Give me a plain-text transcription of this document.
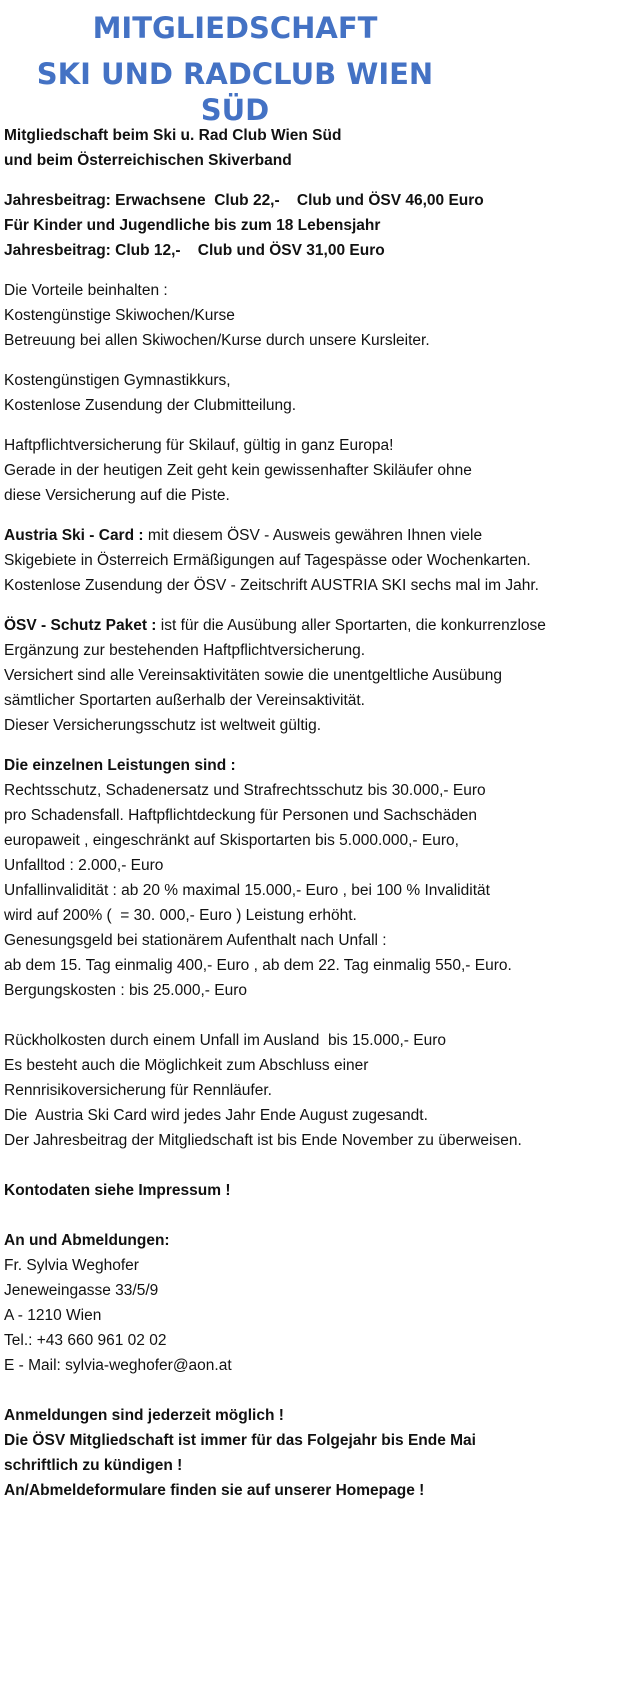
MITGLIEDSCHAFT
SKI UND RADCLUB WIEN SÜD

Mitgliedschaft beim Ski u. Rad Club Wien Süd
und beim Österreichischen Skiverband

Jahresbeitrag: Erwachsene  Club 22,-    Club und ÖSV 46,00 Euro
Für Kinder und Jugendliche bis zum 18 Lebensjahr
Jahresbeitrag: Club 12,-    Club und ÖSV 31,00 Euro

Die Vorteile beinhalten :
Kostengünstige Skiwochen/Kurse
Betreuung bei allen Skiwochen/Kurse durch unsere Kursleiter.

Kostengünstigen Gymnastikkurs,
Kostenlose Zusendung der Clubmitteilung.

Haftpflichtversicherung für Skilauf, gültig in ganz Europa!
Gerade in der heutigen Zeit geht kein gewissenhafter Skiläufer ohne
diese Versicherung auf die Piste.

Austria Ski - Card : mit diesem ÖSV - Ausweis gewähren Ihnen viele
Skigebiete in Österreich Ermäßigungen auf Tagespässe oder Wochenkarten.
Kostenlose Zusendung der ÖSV - Zeitschrift AUSTRIA SKI sechs mal im Jahr.

ÖSV - Schutz Paket : ist für die Ausübung aller Sportarten, die konkurrenzlose
Ergänzung zur bestehenden Haftpflichtversicherung.
Versichert sind alle Vereinsaktivitäten sowie die unentgeltliche Ausübung
sämtlicher Sportarten außerhalb der Vereinsaktivität.
Dieser Versicherungsschutz ist weltweit gültig.

Die einzelnen Leistungen sind :
Rechtsschutz, Schadenersatz und Strafrechtsschutz bis 30.000,- Euro
pro Schadensfall. Haftpflichtdeckung für Personen und Sachschäden
europaweit , eingeschränkt auf Skisportarten bis 5.000.000,- Euro,
Unfalltod : 2.000,- Euro
Unfallinvalidität : ab 20 % maximal 15.000,- Euro , bei 100 % Invalidität
wird auf 200% (  = 30. 000,- Euro ) Leistung erhöht.
Genesungsgeld bei stationärem Aufenthalt nach Unfall :
ab dem 15. Tag einmalig 400,- Euro , ab dem 22. Tag einmalig 550,- Euro.
Bergungskosten : bis 25.000,- Euro

Rückholkosten durch einem Unfall im Ausland  bis 15.000,- Euro
Es besteht auch die Möglichkeit zum Abschluss einer
Rennrisikoversicherung für Rennläufer.
Die  Austria Ski Card wird jedes Jahr Ende August zugesandt.
Der Jahresbeitrag der Mitgliedschaft ist bis Ende November zu überweisen.

Kontodaten siehe Impressum !

An und Abmeldungen:
Fr. Sylvia Weghofer
Jeneweingasse 33/5/9
A - 1210 Wien
Tel.: +43 660 961 02 02
E - Mail: sylvia-weghofer@aon.at

Anmeldungen sind jederzeit möglich !
Die ÖSV Mitgliedschaft ist immer für das Folgejahr bis Ende Mai
schriftlich zu kündigen !
An/Abmeldeformulare finden sie auf unserer Homepage !
